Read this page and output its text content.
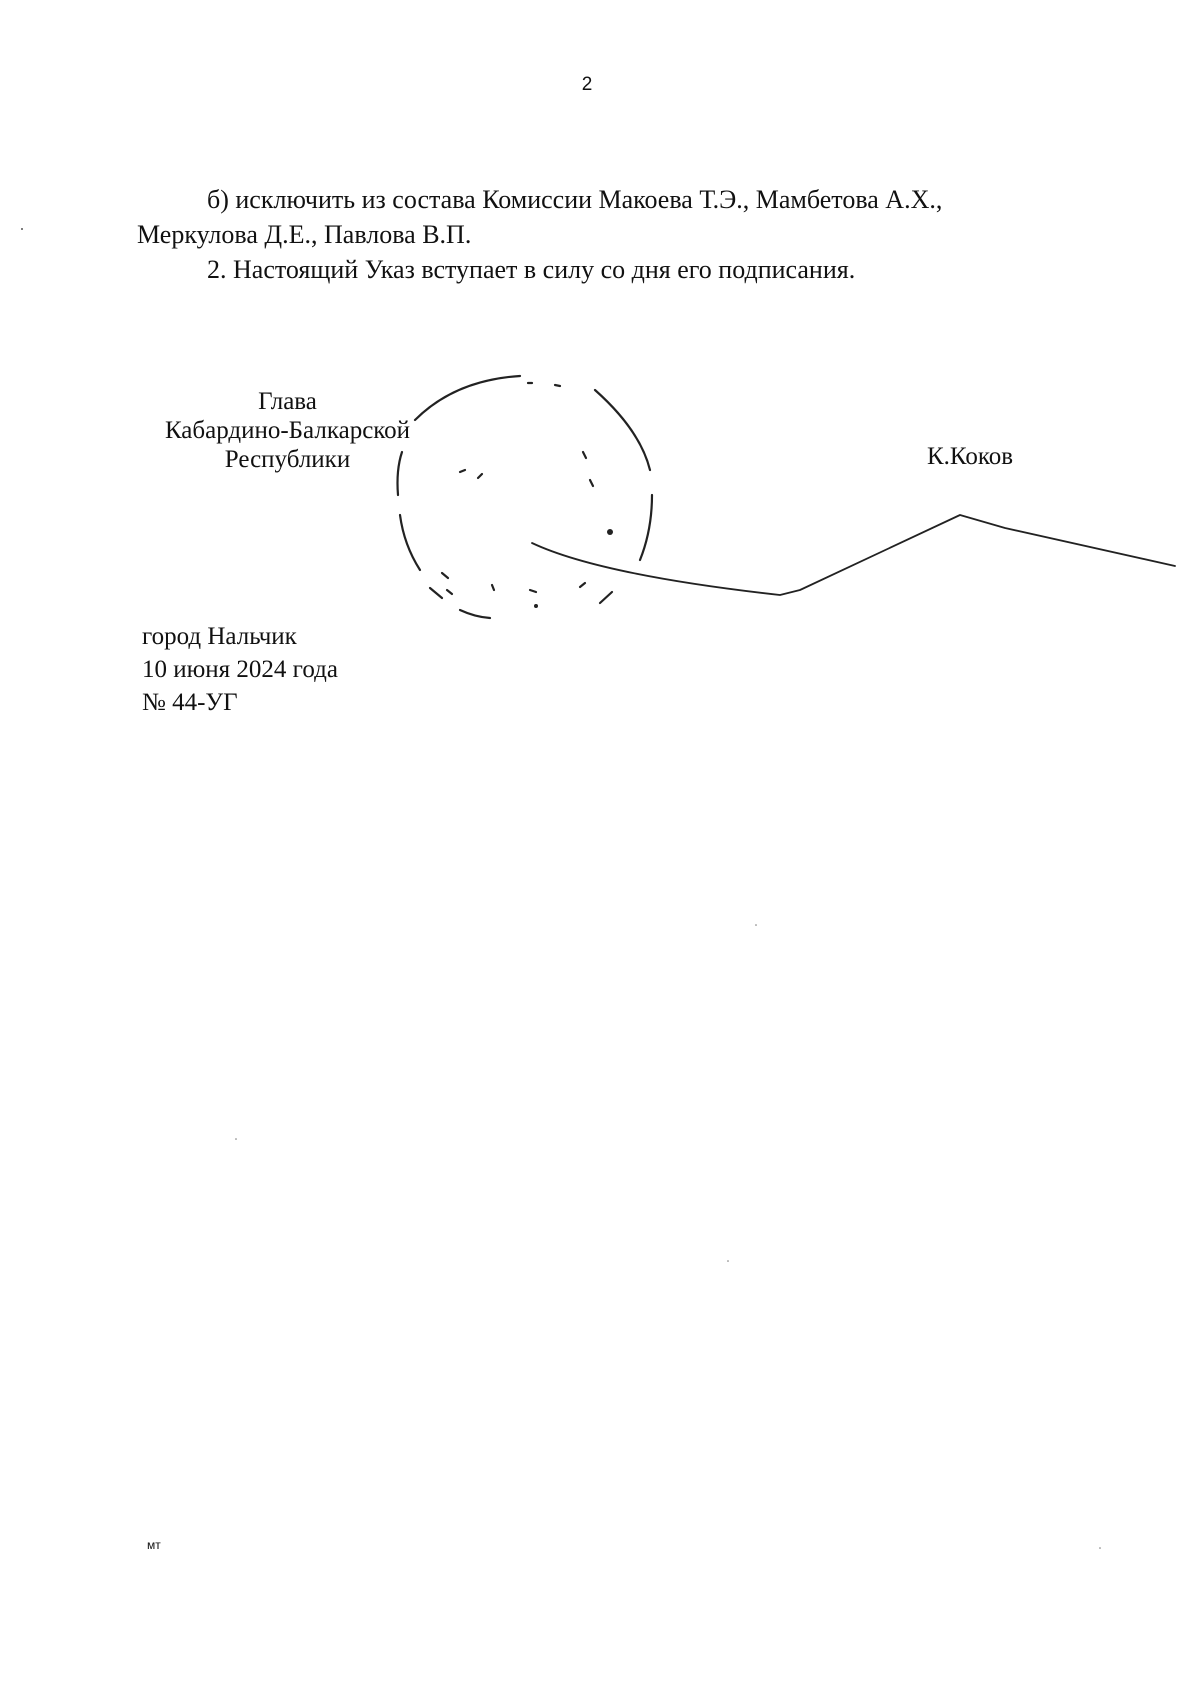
2

б) исключить из состава Комиссии Макоева Т.Э., Мамбетова А.Х.,

Меркулова Д.Е., Павлова В.П.

2. Настоящий Указ вступает в силу со дня его подписания.

Глава
Кабардино-Балкарской
Республики	К.Коков
город Нальчик
10 июня 2024 года
№ 44-УГ
мт
